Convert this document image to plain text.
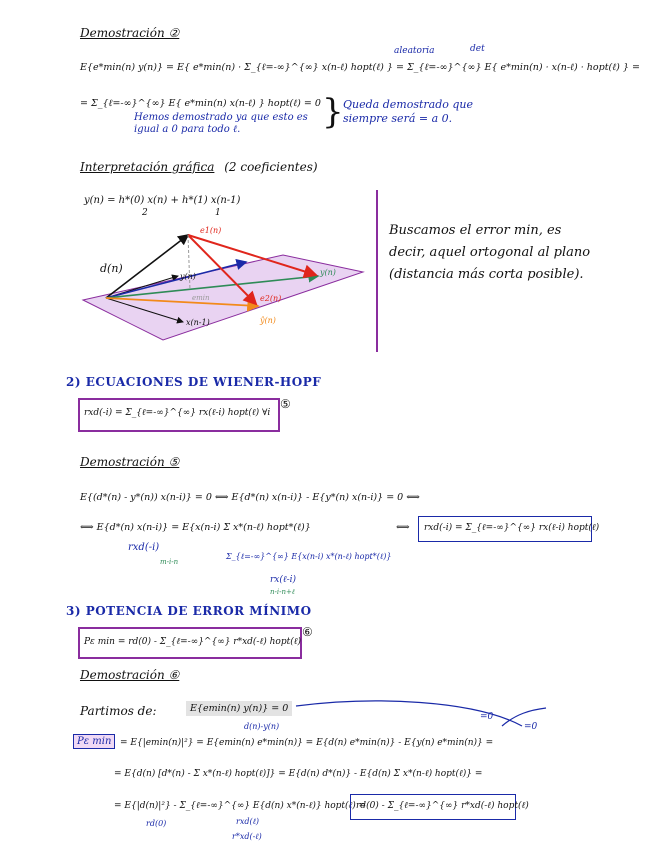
Demostración ②
aleatoria	det
E{e*min(n) y(n)} = E{ e*min(n) · Σ_{ℓ=-∞}^{∞} x(n-ℓ) hopt(ℓ) } = Σ_{ℓ=-∞}^{∞} E{ e*min(n) · x(n-ℓ) · hopt(ℓ) } =
= Σ_{ℓ=-∞}^{∞} E{ e*min(n) x(n-ℓ) } hopt(ℓ) = 0
Hemos demostrado ya que esto es igual a 0 para todo ℓ.	} Queda demostrado que siempre será = a 0.
Interpretación gráfica (2 coeficientes)
y(n) = h*(0) x(n) + h*(1) x(n-1)
2	1
d(n)
e1(n)
y(n)
emin	e2(n)
y(n)
ŷ(n)
x(n-1)
Buscamos el error min, es decir, aquel ortogonal al plano (distancia más corta posible).
2) ECUACIONES DE WIENER-HOPF
rxd(-i) = Σ_{ℓ=-∞}^{∞} rx(ℓ-i) hopt(ℓ) ∀i
⑤
Demostración ⑤
E{(d*(n) - y*(n)) x(n-i)} = 0 ⟺ E{d*(n) x(n-i)} - E{y*(n) x(n-i)} = 0 ⟺
⟺ E{d*(n) x(n-i)} = E{x(n-i) Σ x*(n-ℓ) hopt*(ℓ)}	⟺ rxd(-i) = Σ_{ℓ=-∞}^{∞} rx(ℓ-i) hopt(ℓ)
rxd(-i)
m-i-n
Σ_{ℓ=-∞}^{∞} E{x(n-i) x*(n-ℓ) hopt*(ℓ)}
rx(ℓ-i)
n-i-n+ℓ
3) POTENCIA DE ERROR MÍNIMO
Pε min = rd(0) - Σ_{ℓ=-∞}^{∞} r*xd(-ℓ) hopt(ℓ)
⑥
Demostración ⑥
Partimos de:	E{emin(n) y(n)} = 0
=0
=0
d(n)-y(n)
Pε min = E{|emin(n)|²} = E{emin(n) e*min(n)} = E{d(n) e*min(n)} - E{y(n) e*min(n)} =
= E{d(n) [d*(n) - Σ x*(n-ℓ) hopt(ℓ)]} = E{d(n) d*(n)} - E{d(n) Σ x*(n-ℓ) hopt(ℓ)} =
= E{|d(n)|²} - Σ_{ℓ=-∞}^{∞} E{d(n) x*(n-ℓ)} hopt(ℓ) =
rd(0) - Σ_{ℓ=-∞}^{∞} r*xd(-ℓ) hopt(ℓ)
rd(0)	rxd(ℓ)
r*xd(-ℓ)
